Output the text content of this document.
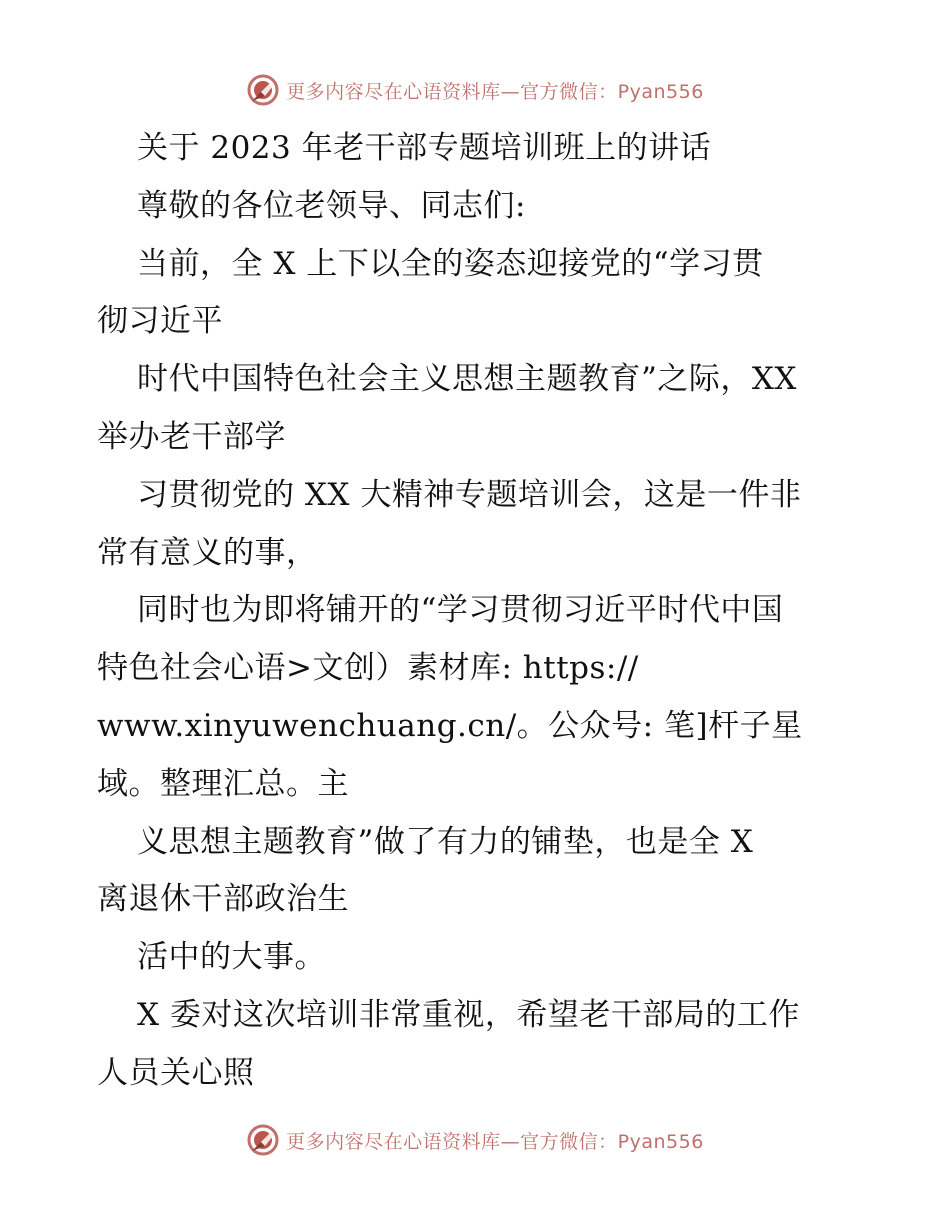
更多内容尽在心语资料库—官方微信：Pyan556
关于 2023 年老干部专题培训班上的讲话
尊敬的各位老领导、同志们:
当前，全 X 上下以全的姿态迎接党的“学习贯
彻习近平
时代中国特色社会主义思想主题教育”之际，XX
举办老干部学
习贯彻党的 XX 大精神专题培训会，这是一件非
常有意义的事，
同时也为即将铺开的“学习贯彻习近平时代中国
特色社会心语>文创）素材库: https://
www.xinyuwenchuang.cn/。公众号: 笔]杆子星
域。整理汇总。主
义思想主题教育”做了有力的铺垫，也是全 X
离退休干部政治生
活中的大事。
X 委对这次培训非常重视，希望老干部局的工作
人员关心照
更多内容尽在心语资料库—官方微信：Pyan556
